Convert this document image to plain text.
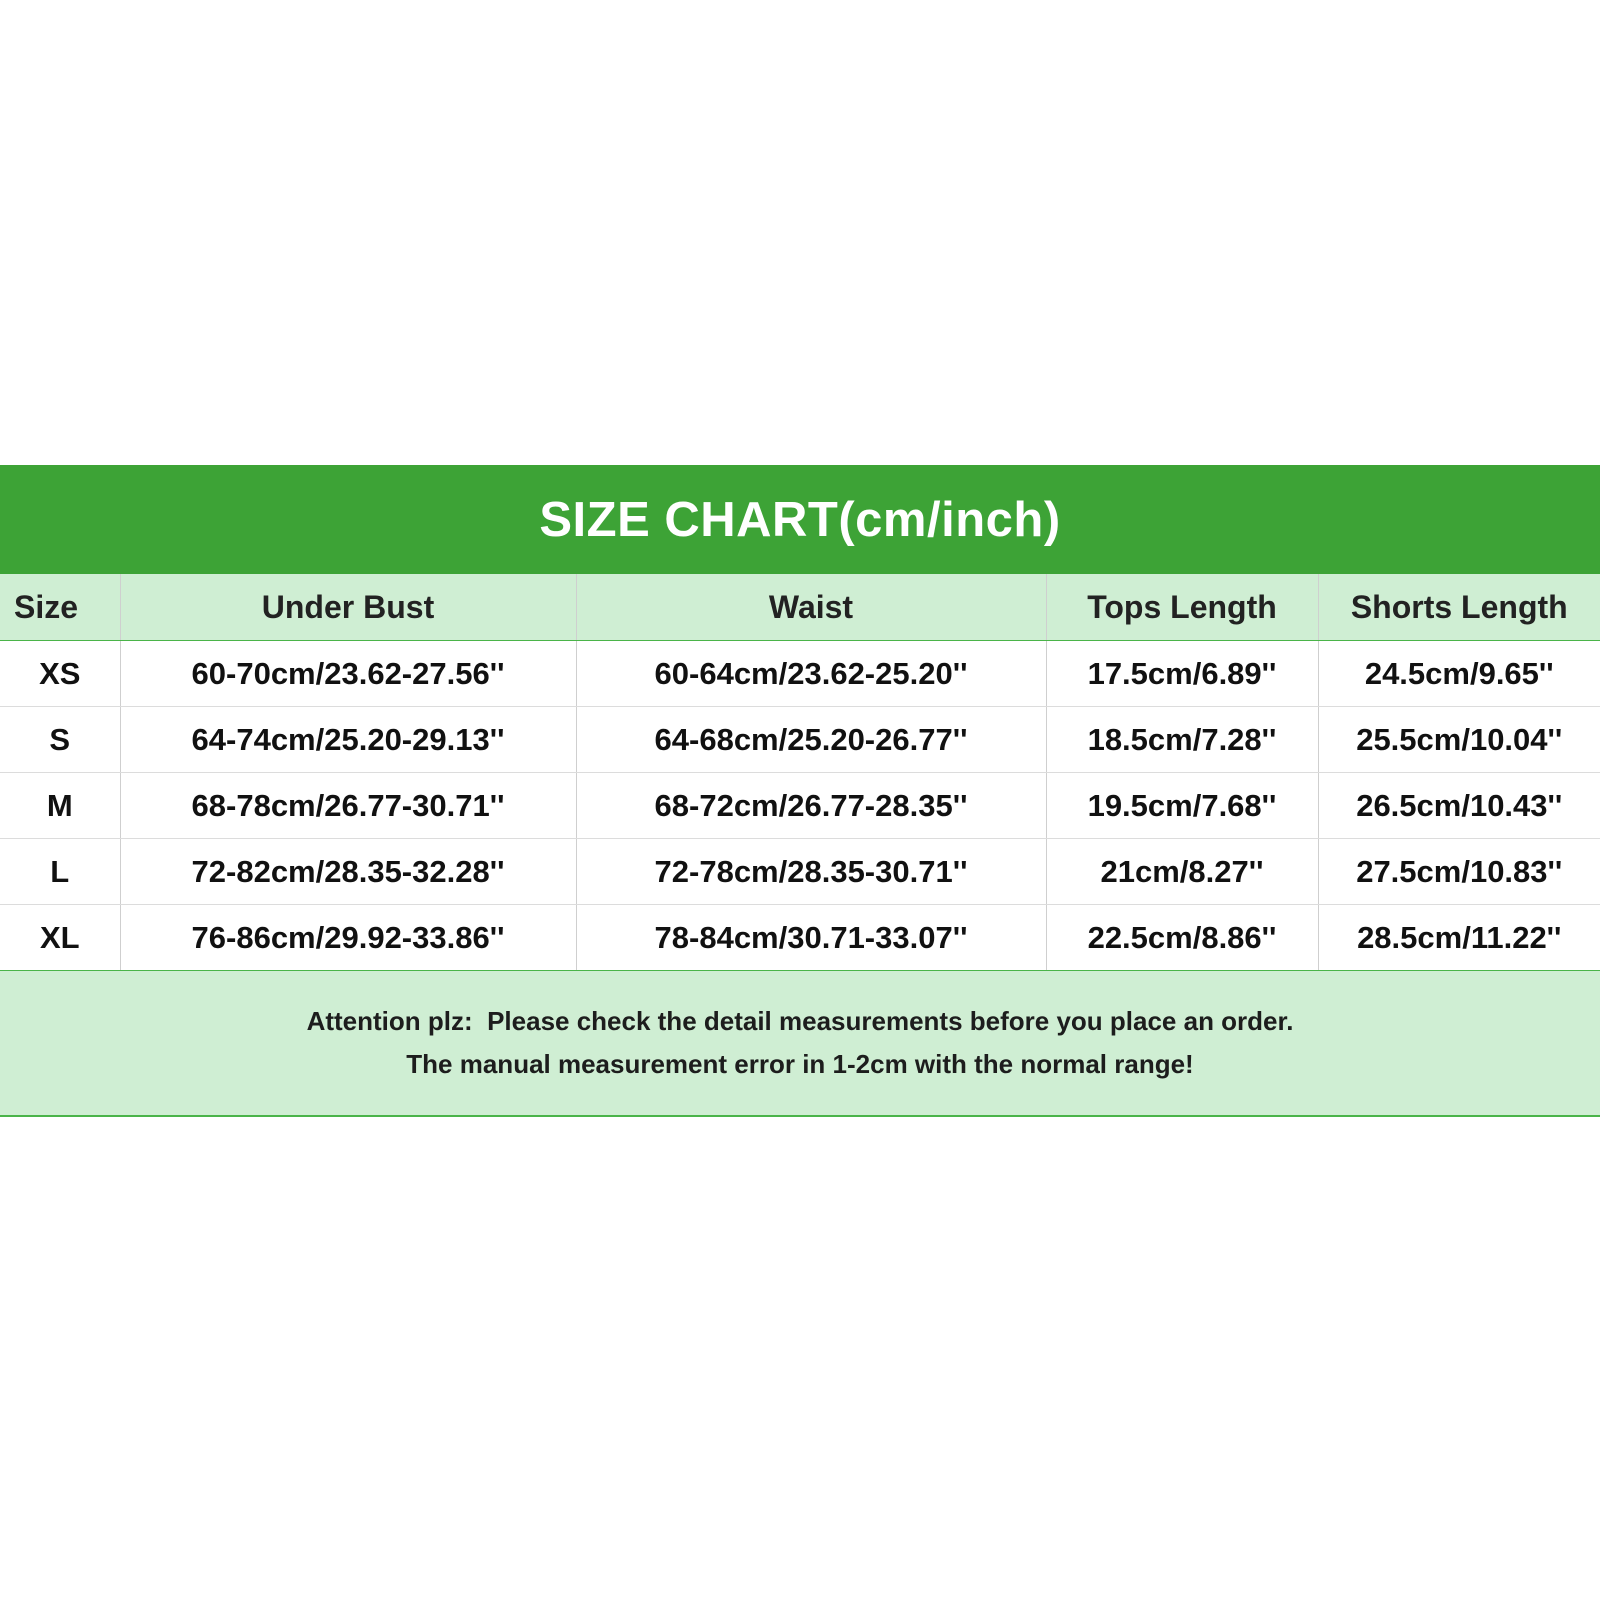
SIZE CHART(cm/inch)
Size	Under Bust	Waist	Tops Length	Shorts Length
XS	60-70cm/23.62-27.56''	60-64cm/23.62-25.20''	17.5cm/6.89''	24.5cm/9.65''
S	64-74cm/25.20-29.13''	64-68cm/25.20-26.77''	18.5cm/7.28''	25.5cm/10.04''
M	68-78cm/26.77-30.71''	68-72cm/26.77-28.35''	19.5cm/7.68''	26.5cm/10.43''
L	72-82cm/28.35-32.28''	72-78cm/28.35-30.71''	21cm/8.27''	27.5cm/10.83''
XL	76-86cm/29.92-33.86''	78-84cm/30.71-33.07''	22.5cm/8.86''	28.5cm/11.22''
Attention plz:  Please check the detail measurements before you place an order.
The manual measurement error in 1-2cm with the normal range!
